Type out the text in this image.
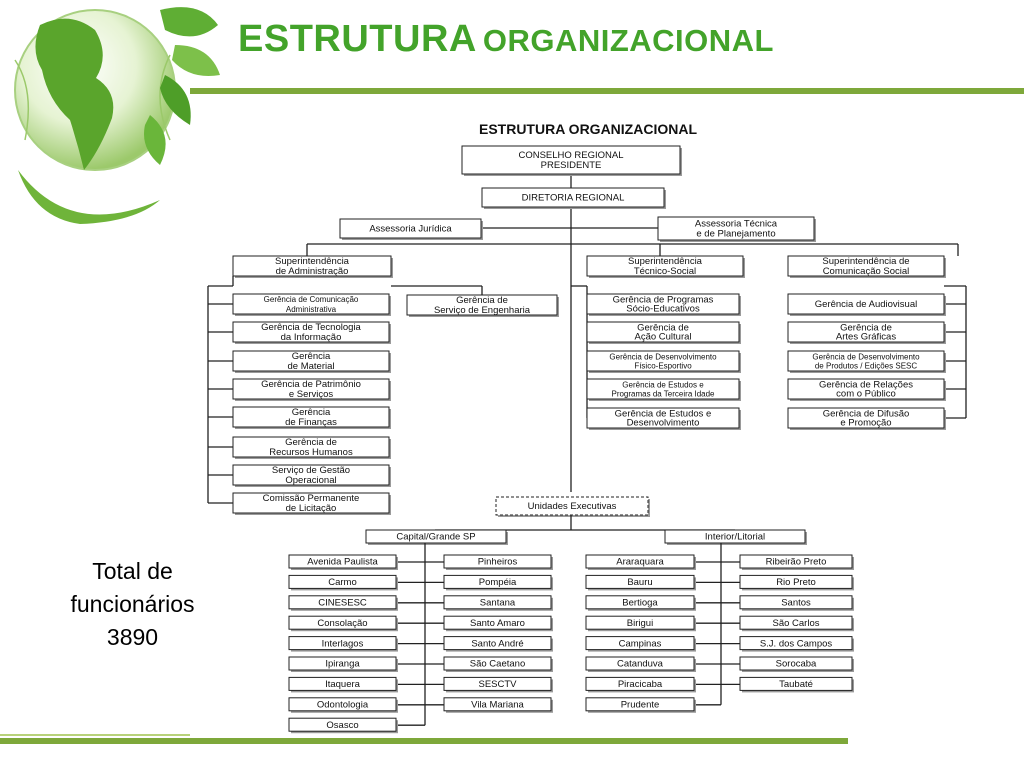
ESTRUTURA ORGANIZACIONAL
ESTRUTURA ORGANIZACIONAL
CONSELHO REGIONAL
PRESIDENTE
DIRETORIA REGIONAL
Assessoria Jurídica	Assessoria Técnica
e de Planejamento
Superintendência
de Administração
Superintendência
Técnico-Social
Superintendência de
Comunicação Social
Gerência de Comunicação
Administrativa
Gerência de Tecnologia
da Informação
Gerência
de Material
Gerência de Patrimônio
e Serviços
Gerência
de Finanças
Gerência de
Recursos Humanos
Serviço de Gestão
Operacional
Comissão Permanente
de Licitação
Gerência de
Serviço de Engenharia
Gerência de Programas
Sócio-Educativos
Gerência de
Ação Cultural
Gerência de Desenvolvimento
Físico-Esportivo
Gerência de Estudos e
Programas da Terceira Idade
Gerência de Estudos e
Desenvolvimento
Gerência de Audiovisual
Gerência de
Artes Gráficas
Gerência de Desenvolvimento
de Produtos / Edições SESC
Gerência de Relações
com o Público
Gerência de Difusão
e Promoção
Unidades Executivas
Capital/Grande SP	Interior/Litorial
Avenida Paulista
Carmo
CINESESC
Consolação
Interlagos
Ipiranga
Itaquera
Odontologia
Osasco
Pinheiros
Pompéia
Santana
Santo Amaro
Santo André
São Caetano
SESCTV
Vila Mariana
Araraquara
Bauru
Bertioga
Birigui
Campinas
Catanduva
Piracicaba
Prudente
Ribeirão Preto
Rio Preto
Santos
São Carlos
S.J. dos Campos
Sorocaba
Taubaté
Total de
funcionários
3890
